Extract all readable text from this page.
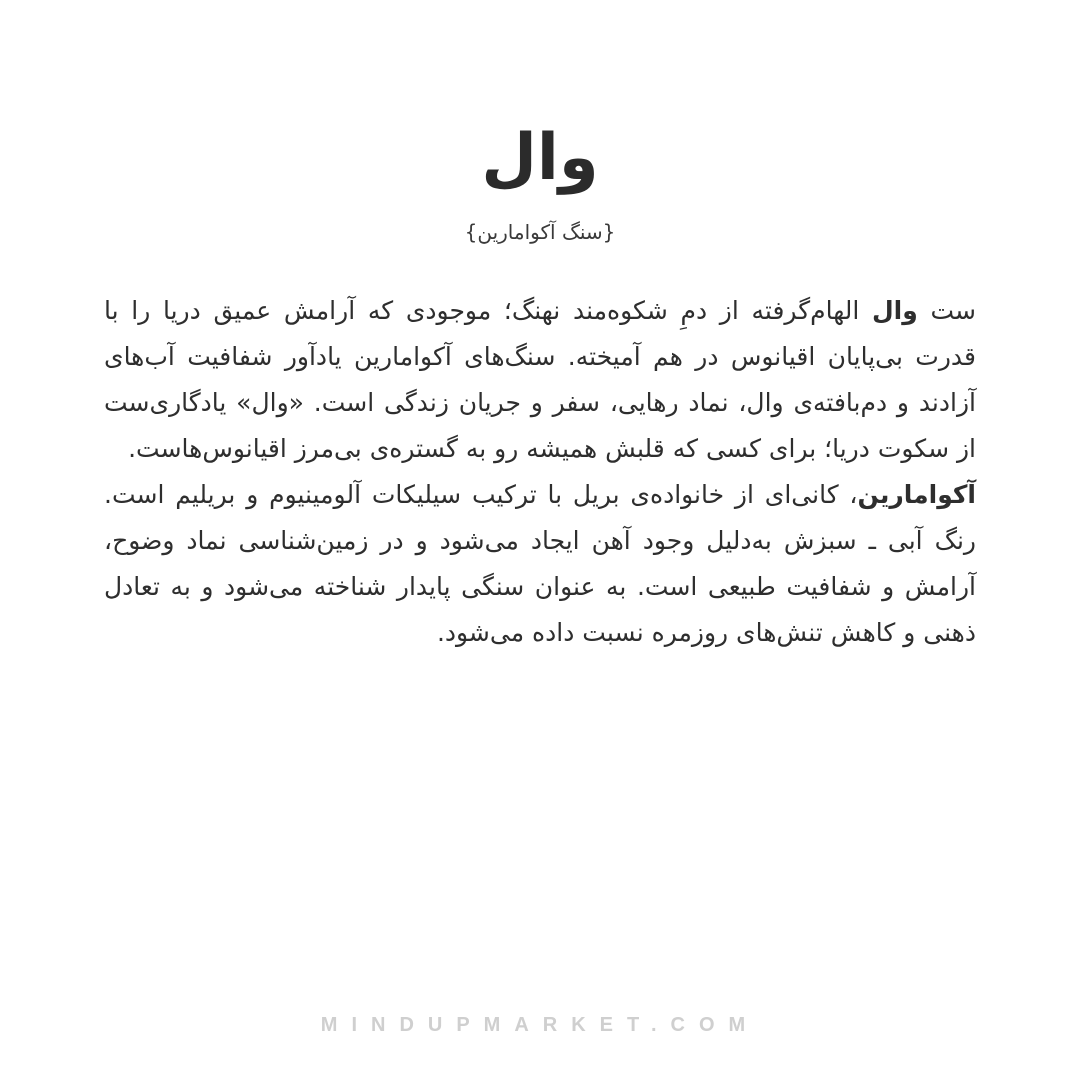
وال
{سنگ آکوامارین}

ست وال الهام‌گرفته از دمِ شکوه‌مند نهنگ؛ موجودی که آرامش عمیق دریا را با قدرت بی‌پایان اقیانوس در هم آمیخته. سنگ‌های آکوامارین یادآور شفافیت آب‌های آزادند و دم‌بافته‌ی وال، نماد رهایی، سفر و جریان زندگی است. «وال» یادگاری‌ست از سکوت دریا؛ برای کسی که قلبش همیشه رو به گستره‌ی بی‌مرز اقیانوس‌هاست.

آکوامارین، کانی‌ای از خانواده‌ی بریل با ترکیب سیلیکات آلومینیوم و بریلیم است. رنگ آبی ـ سبزش به‌دلیل وجود آهن ایجاد می‌شود و در زمین‌شناسی نماد وضوح، آرامش و شفافیت طبیعی است. به عنوان سنگی پایدار شناخته می‌شود و به تعادل ذهنی و کاهش تنش‌های روزمره نسبت داده می‌شود.

MINDUPMARKET.COM
